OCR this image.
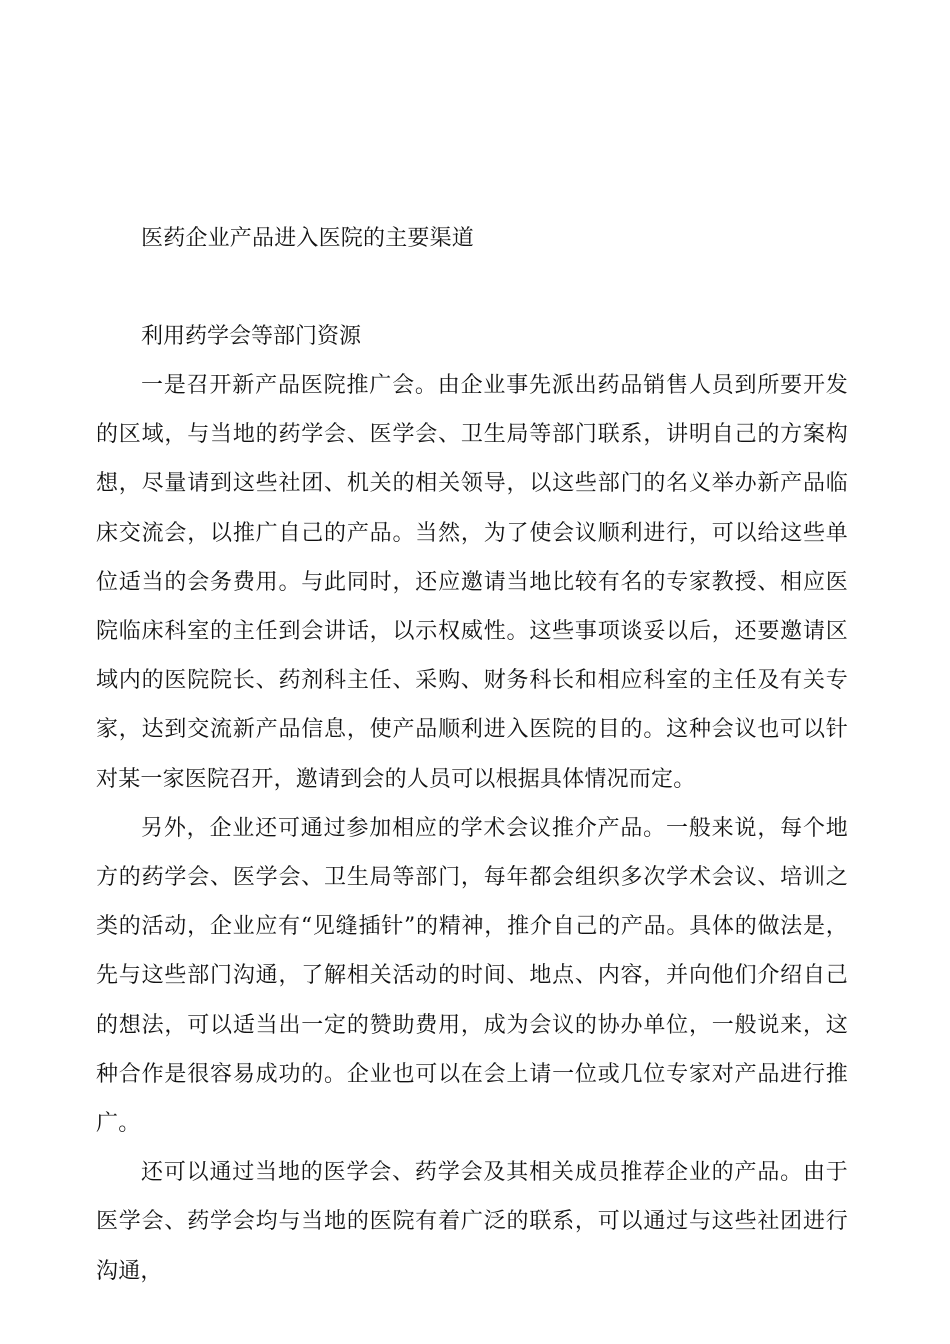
医药企业产品进入医院的主要渠道
利用药学会等部门资源

一是召开新产品医院推广会。由企业事先派出药品销售人员到所要开发的区域，与当地的药学会、医学会、卫生局等部门联系，讲明自己的方案构想，尽量请到这些社团、机关的相关领导，以这些部门的名义举办新产品临床交流会，以推广自己的产品。当然，为了使会议顺利进行，可以给这些单位适当的会务费用。与此同时，还应邀请当地比较有名的专家教授、相应医院临床科室的主任到会讲话，以示权威性。这些事项谈妥以后，还要邀请区域内的医院院长、药剂科主任、采购、财务科长和相应科室的主任及有关专家，达到交流新产品信息，使产品顺利进入医院的目的。这种会议也可以针对某一家医院召开，邀请到会的人员可以根据具体情况而定。

另外，企业还可通过参加相应的学术会议推介产品。一般来说，每个地方的药学会、医学会、卫生局等部门，每年都会组织多次学术会议、培训之类的活动，企业应有“见缝插针”的精神，推介自己的产品。具体的做法是，先与这些部门沟通，了解相关活动的时间、地点、内容，并向他们介绍自己的想法，可以适当出一定的赞助费用，成为会议的协办单位，一般说来，这种合作是很容易成功的。企业也可以在会上请一位或几位专家对产品进行推广。

还可以通过当地的医学会、药学会及其相关成员推荐企业的产品。由于医学会、药学会均与当地的医院有着广泛的联系，可以通过与这些社团进行沟通，
